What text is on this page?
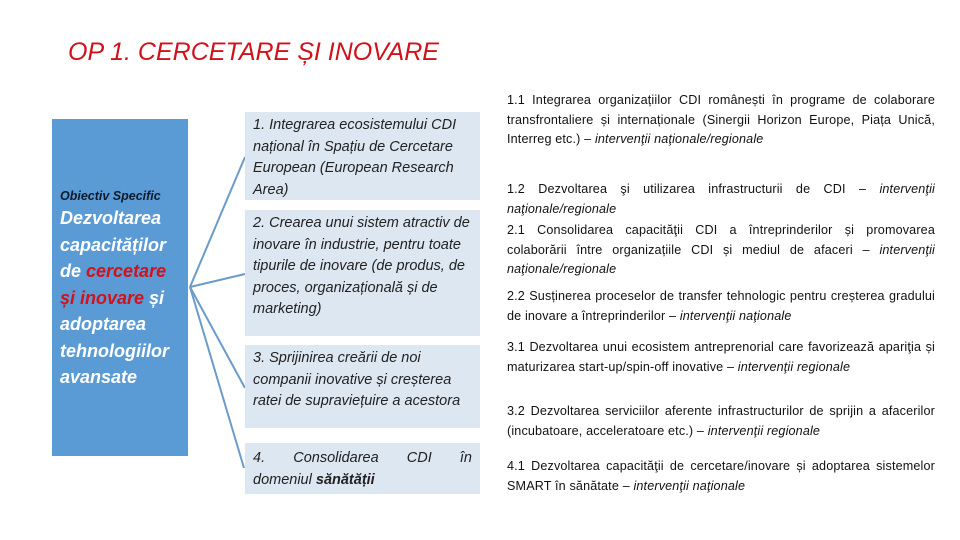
OP 1. CERCETARE ȘI INOVARE
Obiectiv Specific
Dezvoltarea capacităților de cercetare și inovare și adoptarea tehnologiilor avansate
1. Integrarea ecosistemului CDI național în Spațiu de Cercetare European (European Research Area)
2. Crearea unui sistem atractiv de inovare în industrie, pentru toate tipurile de inovare (de produs, de proces, organizațională și de marketing)
3. Sprijinirea creării de noi companii inovative și creșterea ratei de supraviețuire a acestora
4.   Consolidarea   CDI   în
domeniul sănătății
1.1 Integrarea organizațiilor CDI românești în programe de colaborare transfrontaliere și internaționale (Sinergii Horizon Europe, Piața Unică, Interreg etc.) – intervenţii naţionale/regionale
1.2 Dezvoltarea şi utilizarea infrastructurii de CDI – intervenţii naţionale/regionale
2.1 Consolidarea capacităţii CDI a întreprinderilor și promovarea colaborării între organizațiile CDI și mediul de afaceri – intervenţii naţionale/regionale
2.2 Susținerea proceselor de transfer tehnologic pentru creșterea gradului de inovare a întreprinderilor – intervenţii naţionale
3.1 Dezvoltarea unui ecosistem antreprenorial care favorizează apariţia și maturizarea start-up/spin-off inovative – intervenţii regionale
3.2 Dezvoltarea serviciilor aferente infrastructurilor de sprijin a afacerilor (incubatoare, acceleratoare etc.) – intervenţii regionale
4.1 Dezvoltarea capacităţii de cercetare/inovare și adoptarea sistemelor SMART în sănătate – intervenţii naţionale
